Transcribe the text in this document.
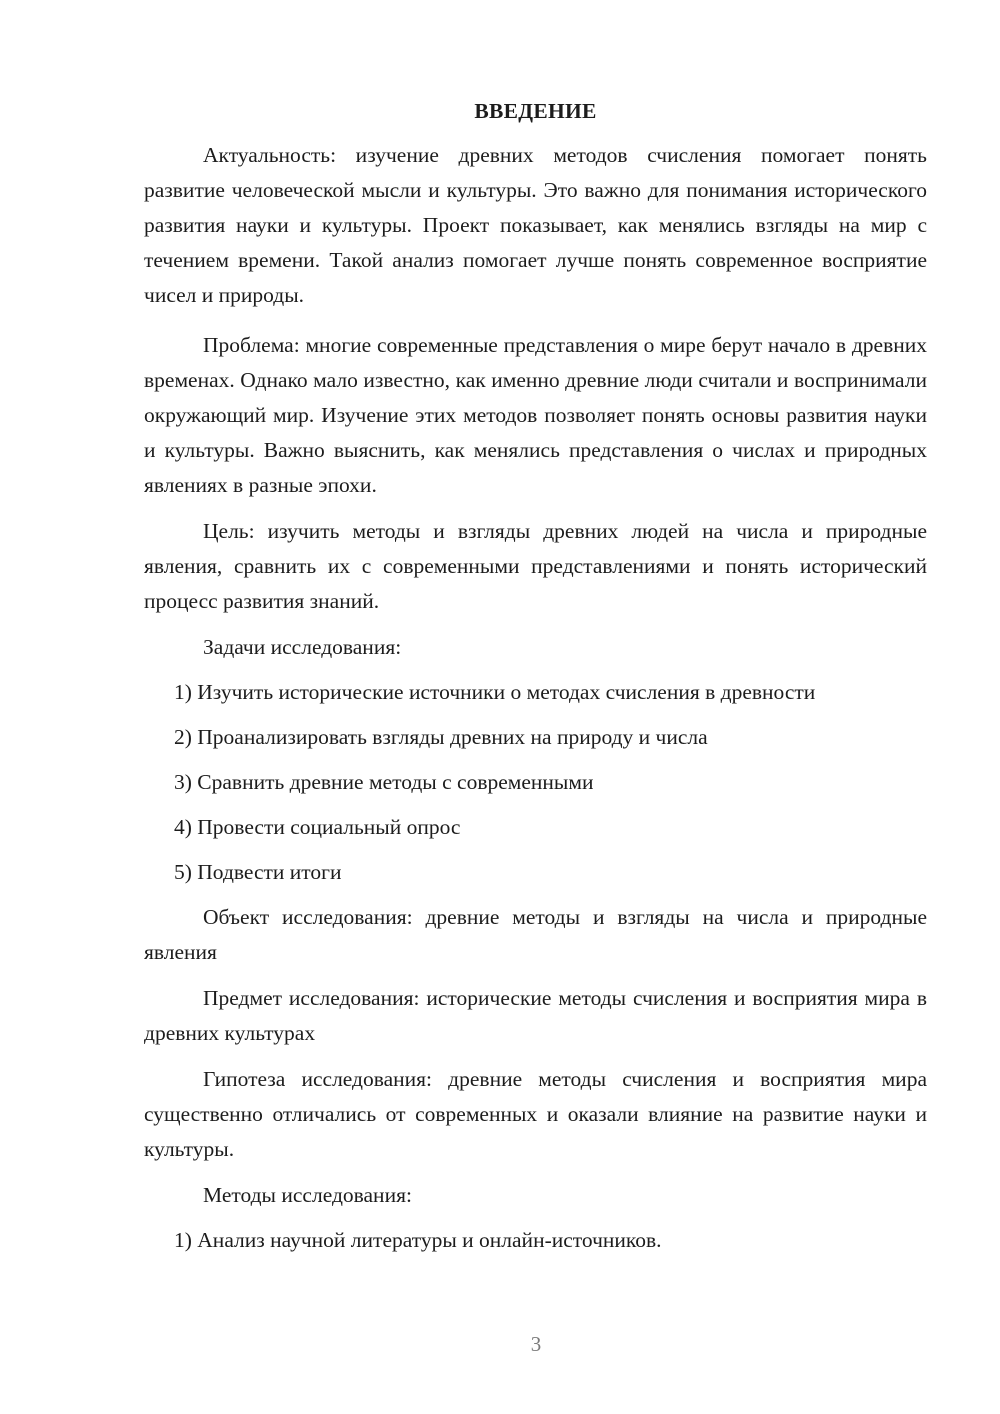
ВВЕДЕНИЕ

Актуальность: изучение древних методов счисления помогает понять развитие человеческой мысли и культуры. Это важно для понимания исторического развития науки и культуры. Проект показывает, как менялись взгляды на мир с течением времени. Такой анализ помогает лучше понять современное восприятие чисел и природы.

Проблема: многие современные представления о мире берут начало в древних временах. Однако мало известно, как именно древние люди считали и воспринимали окружающий мир. Изучение этих методов позволяет понять основы развития науки и культуры. Важно выяснить, как менялись представления о числах и природных явлениях в разные эпохи.

Цель: изучить методы и взгляды древних людей на числа и природные явления, сравнить их с современными представлениями и понять исторический процесс развития знаний.

Задачи исследования:

1) Изучить исторические источники о методах счисления в древности
2) Проанализировать взгляды древних на природу и числа
3) Сравнить древние методы с современными
4) Провести социальный опрос
5) Подвести итоги

Объект исследования: древние методы и взгляды на числа и природные явления

Предмет исследования: исторические методы счисления и восприятия мира в древних культурах

Гипотеза исследования: древние методы счисления и восприятия мира существенно отличались от современных и оказали влияние на развитие науки и культуры.

Методы исследования:

1) Анализ научной литературы и онлайн-источников.
3
